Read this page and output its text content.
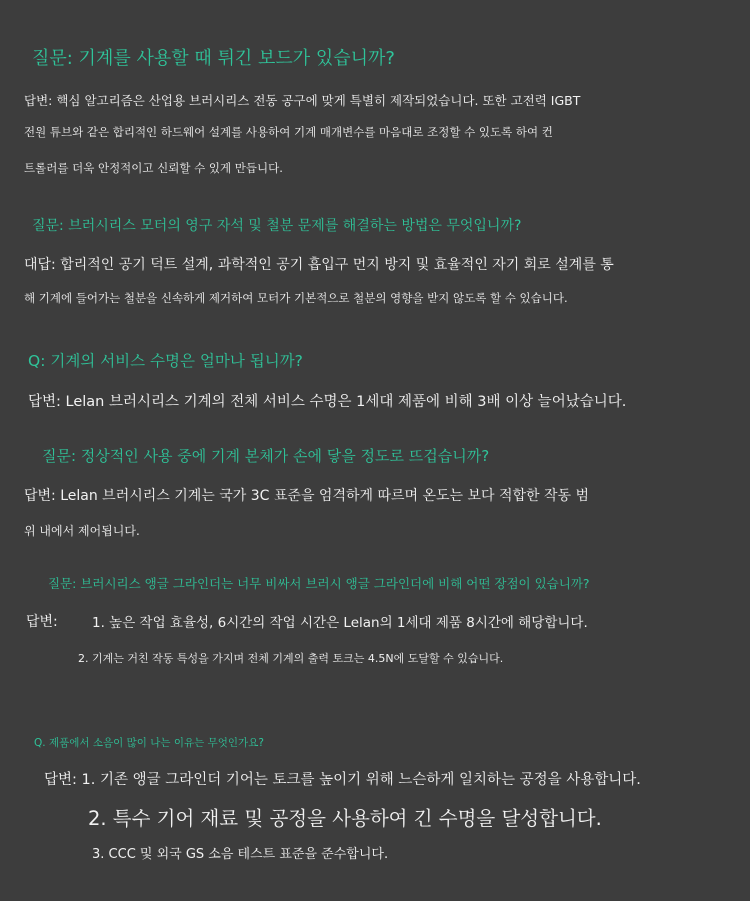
질문: 기계를 사용할 때 튀긴 보드가 있습니까?

답변: 핵심 알고리즘은 산업용 브러시리스 전동 공구에 맞게 특별히 제작되었습니다. 또한 고전력 IGBT

전원 튜브와 같은 합리적인 하드웨어 설계를 사용하여 기계 매개변수를 마음대로 조정할 수 있도록 하여 컨

트롤러를 더욱 안정적이고 신뢰할 수 있게 만듭니다.

질문: 브러시리스 모터의 영구 자석 및 철분 문제를 해결하는 방법은 무엇입니까?

대답: 합리적인 공기 덕트 설계, 과학적인 공기 흡입구 먼지 방지 및 효율적인 자기 회로 설계를 통

해 기계에 들어가는 철분을 신속하게 제거하여 모터가 기본적으로 철분의 영향을 받지 않도록 할 수 있습니다.

Q: 기계의 서비스 수명은 얼마나 됩니까?

답변: Lelan 브러시리스 기계의 전체 서비스 수명은 1세대 제품에 비해 3배 이상 늘어났습니다.

질문: 정상적인 사용 중에 기계 본체가 손에 닿을 정도로 뜨겁습니까?

답변: Lelan 브러시리스 기계는 국가 3C 표준을 엄격하게 따르며 온도는 보다 적합한 작동 범

위 내에서 제어됩니다.

질문: 브러시리스 앵글 그라인더는 너무 비싸서 브러시 앵글 그라인더에 비해 어떤 장점이 있습니까?

답변:	1. 높은 작업 효율성, 6시간의 작업 시간은 Lelan의 1세대 제품 8시간에 해당합니다.

2. 기계는 거친 작동 특성을 가지며 전체 기계의 출력 토크는 4.5N에 도달할 수 있습니다.

Q. 제품에서 소음이 많이 나는 이유는 무엇인가요?

답변: 1. 기존 앵글 그라인더 기어는 토크를 높이기 위해 느슨하게 일치하는 공정을 사용합니다.

2. 특수 기어 재료 및 공정을 사용하여 긴 수명을 달성합니다.

3. CCC 및 외국 GS 소음 테스트 표준을 준수합니다.
